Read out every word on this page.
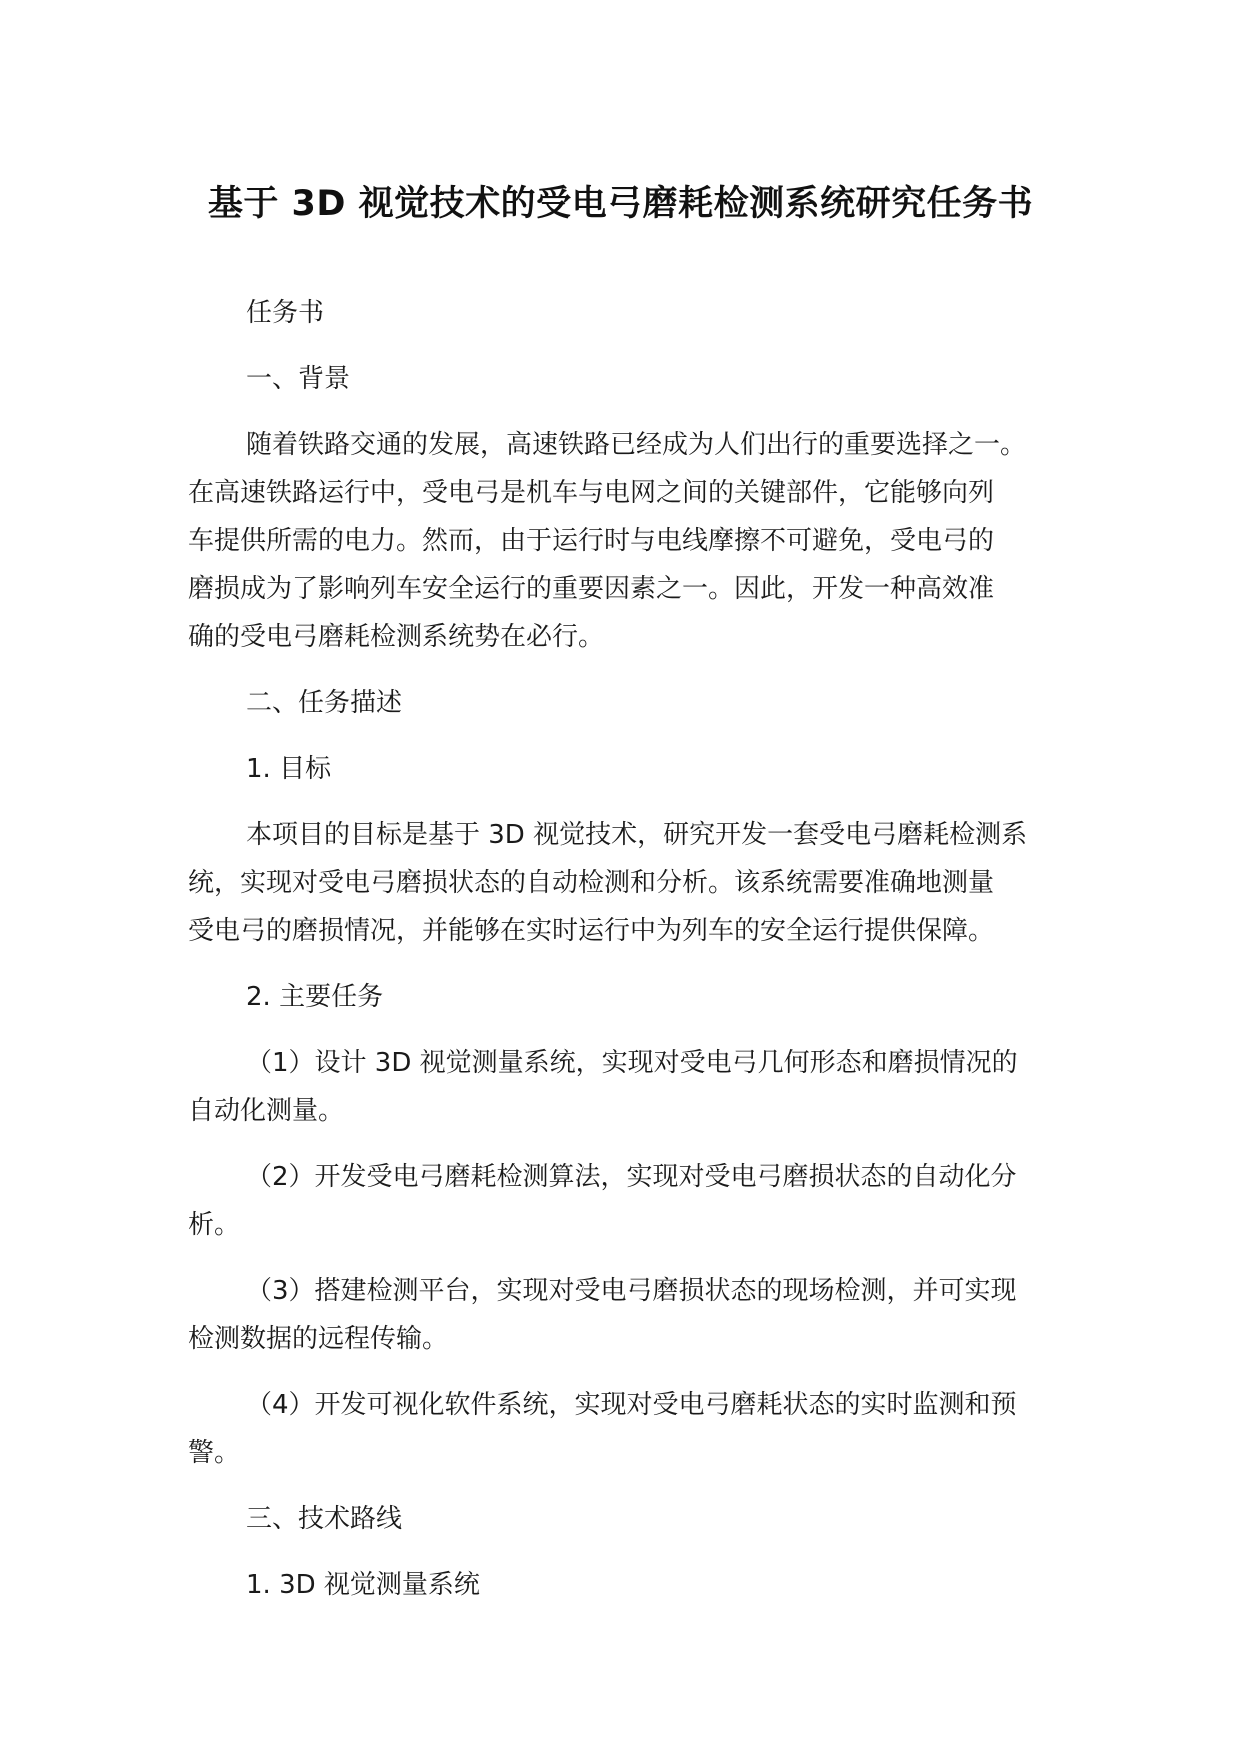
基于 3D 视觉技术的受电弓磨耗检测系统研究任务书
任务书
一、背景
随着铁路交通的发展，高速铁路已经成为人们出行的重要选择之一。
在高速铁路运行中，受电弓是机车与电网之间的关键部件，它能够向列
车提供所需的电力。然而，由于运行时与电线摩擦不可避免，受电弓的
磨损成为了影响列车安全运行的重要因素之一。因此，开发一种高效准
确的受电弓磨耗检测系统势在必行。
二、任务描述
1. 目标
本项目的目标是基于 3D 视觉技术，研究开发一套受电弓磨耗检测系
统，实现对受电弓磨损状态的自动检测和分析。该系统需要准确地测量
受电弓的磨损情况，并能够在实时运行中为列车的安全运行提供保障。
2. 主要任务
（1）设计 3D 视觉测量系统，实现对受电弓几何形态和磨损情况的
自动化测量。
（2）开发受电弓磨耗检测算法，实现对受电弓磨损状态的自动化分
析。
（3）搭建检测平台，实现对受电弓磨损状态的现场检测，并可实现
检测数据的远程传输。
（4）开发可视化软件系统，实现对受电弓磨耗状态的实时监测和预
警。
三、技术路线
1. 3D 视觉测量系统
